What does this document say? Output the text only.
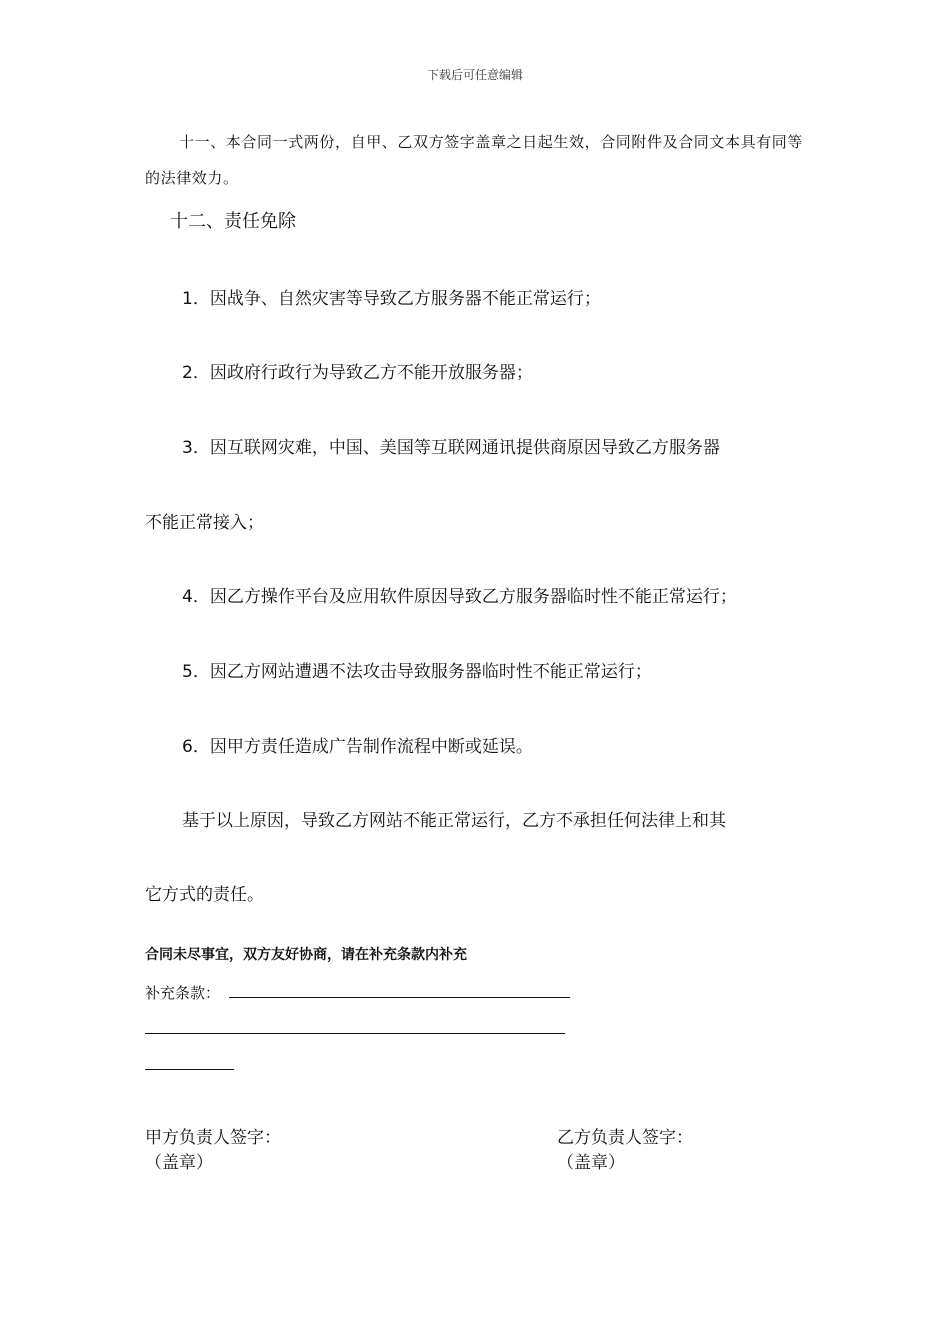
下载后可任意编辑
十一、本合同一式两份，自甲、乙双方签字盖章之日起生效，合同附件及合同文本具有同等的法律效力。
十二、责任免除
1．因战争、自然灾害等导致乙方服务器不能正常运行；
2．因政府行政行为导致乙方不能开放服务器；
3．因互联网灾难，中国、美国等互联网通讯提供商原因导致乙方服务器
不能正常接入；
4．因乙方操作平台及应用软件原因导致乙方服务器临时性不能正常运行；
5．因乙方网站遭遇不法攻击导致服务器临时性不能正常运行；
6．因甲方责任造成广告制作流程中断或延误。
基于以上原因，导致乙方网站不能正常运行，乙方不承担任何法律上和其
它方式的责任。
合同未尽事宜，双方友好协商，请在补充条款内补充
补充条款：
甲方负责人签字：
（盖章）
乙方负责人签字：
（盖章）
